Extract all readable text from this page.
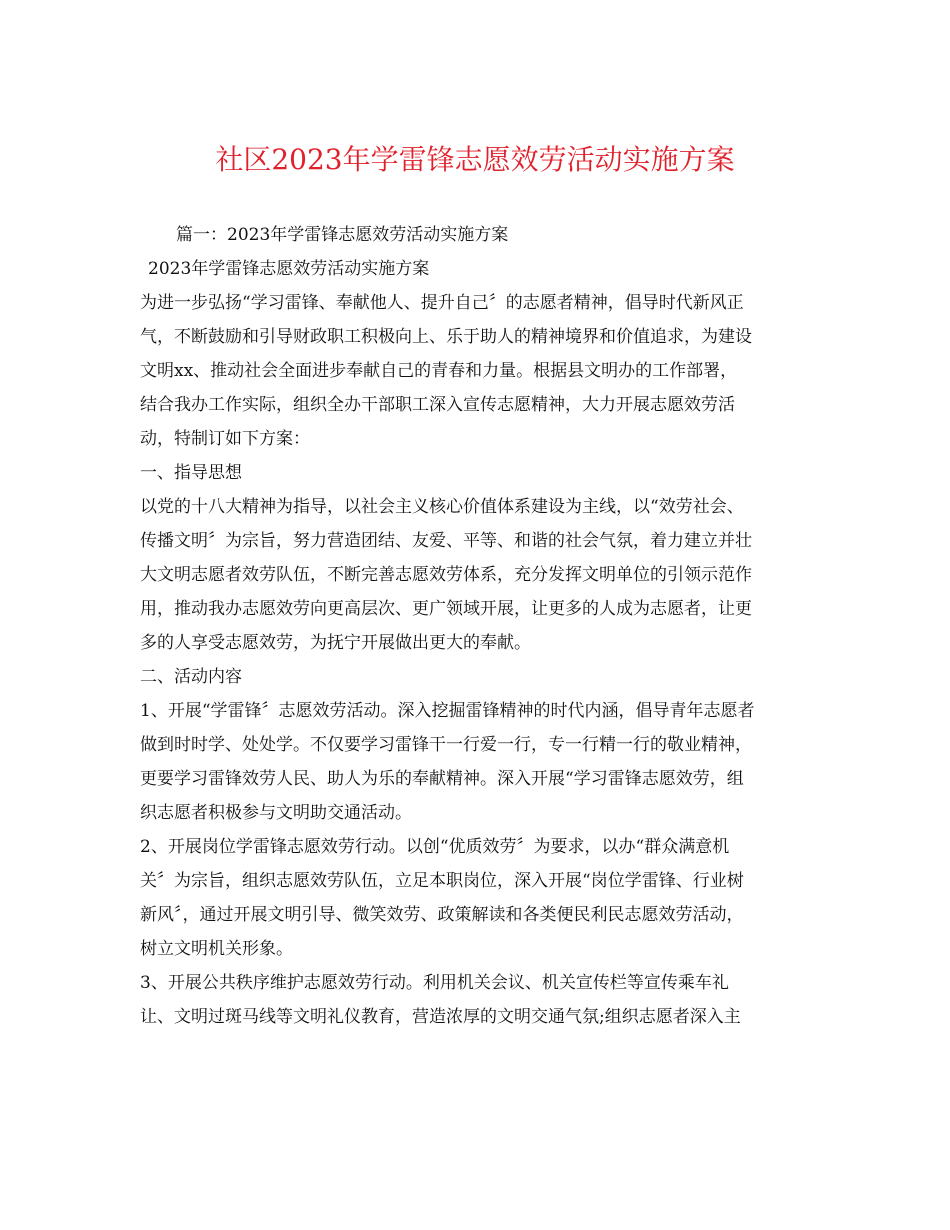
社区2023年学雷锋志愿效劳活动实施方案
篇一：2023年学雷锋志愿效劳活动实施方案
2023年学雷锋志愿效劳活动实施方案
为进一步弘扬“学习雷锋、奉献他人、提升自己〞的志愿者精神，倡导时代新风正
气，不断鼓励和引导财政职工积极向上、乐于助人的精神境界和价值追求，为建设
文明xx、推动社会全面进步奉献自己的青春和力量。根据县文明办的工作部署，
结合我办工作实际，组织全办干部职工深入宣传志愿精神，大力开展志愿效劳活
动，特制订如下方案：
一、指导思想
以党的十八大精神为指导，以社会主义核心价值体系建设为主线，以“效劳社会、
传播文明〞为宗旨，努力营造团结、友爱、平等、和谐的社会气氛，着力建立并壮
大文明志愿者效劳队伍，不断完善志愿效劳体系，充分发挥文明单位的引领示范作
用，推动我办志愿效劳向更高层次、更广领域开展，让更多的人成为志愿者，让更
多的人享受志愿效劳，为抚宁开展做出更大的奉献。
二、活动内容
1、开展“学雷锋〞志愿效劳活动。深入挖掘雷锋精神的时代内涵，倡导青年志愿者
做到时时学、处处学。不仅要学习雷锋干一行爱一行，专一行精一行的敬业精神，
更要学习雷锋效劳人民、助人为乐的奉献精神。深入开展“学习雷锋志愿效劳，组
织志愿者积极参与文明助交通活动。
2、开展岗位学雷锋志愿效劳行动。以创“优质效劳〞为要求，以办“群众满意机
关〞为宗旨，组织志愿效劳队伍，立足本职岗位，深入开展“岗位学雷锋、行业树
新风〞，通过开展文明引导、微笑效劳、政策解读和各类便民利民志愿效劳活动，
树立文明机关形象。
3、开展公共秩序维护志愿效劳行动。利用机关会议、机关宣传栏等宣传乘车礼
让、文明过斑马线等文明礼仪教育，营造浓厚的文明交通气氛;组织志愿者深入主
